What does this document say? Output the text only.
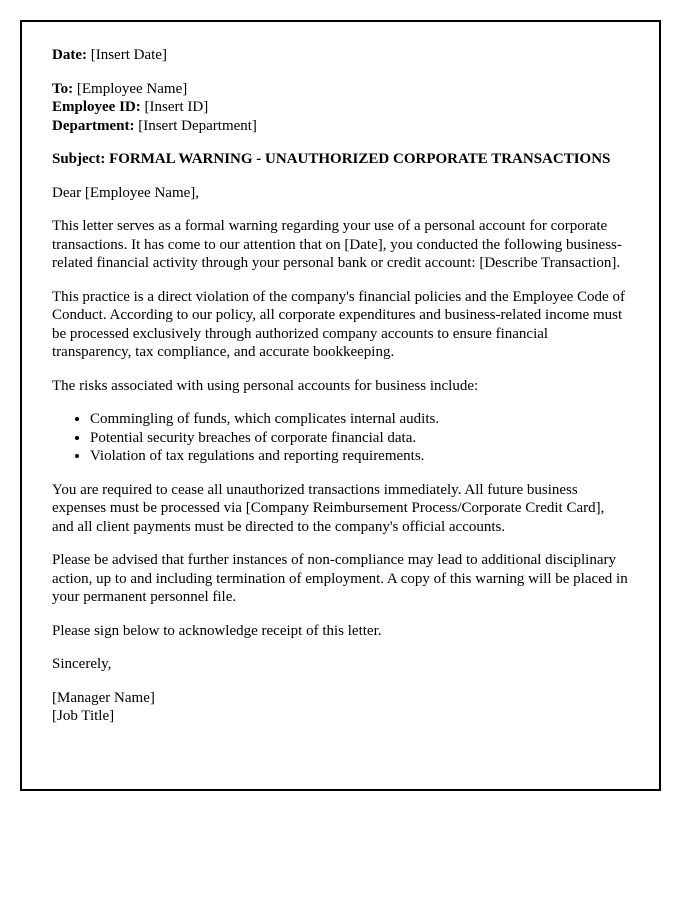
Date: [Insert Date]

To: [Employee Name]

Employee ID: [Insert ID]

Department: [Insert Department]

Subject: FORMAL WARNING - UNAUTHORIZED CORPORATE TRANSACTIONS

Dear [Employee Name],

This letter serves as a formal warning regarding your use of a personal account for corporate transactions. It has come to our attention that on [Date], you conducted the following business-related financial activity through your personal bank or credit account: [Describe Transaction].

This practice is a direct violation of the company's financial policies and the Employee Code of Conduct. According to our policy, all corporate expenditures and business-related income must be processed exclusively through authorized company accounts to ensure financial transparency, tax compliance, and accurate bookkeeping.

The risks associated with using personal accounts for business include:

• Commingling of funds, which complicates internal audits.
• Potential security breaches of corporate financial data.
• Violation of tax regulations and reporting requirements.

You are required to cease all unauthorized transactions immediately. All future business expenses must be processed via [Company Reimbursement Process/Corporate Credit Card], and all client payments must be directed to the company's official accounts.

Please be advised that further instances of non-compliance may lead to additional disciplinary action, up to and including termination of employment. A copy of this warning will be placed in your permanent personnel file.

Please sign below to acknowledge receipt of this letter.

Sincerely,

[Manager Name]

[Job Title]
